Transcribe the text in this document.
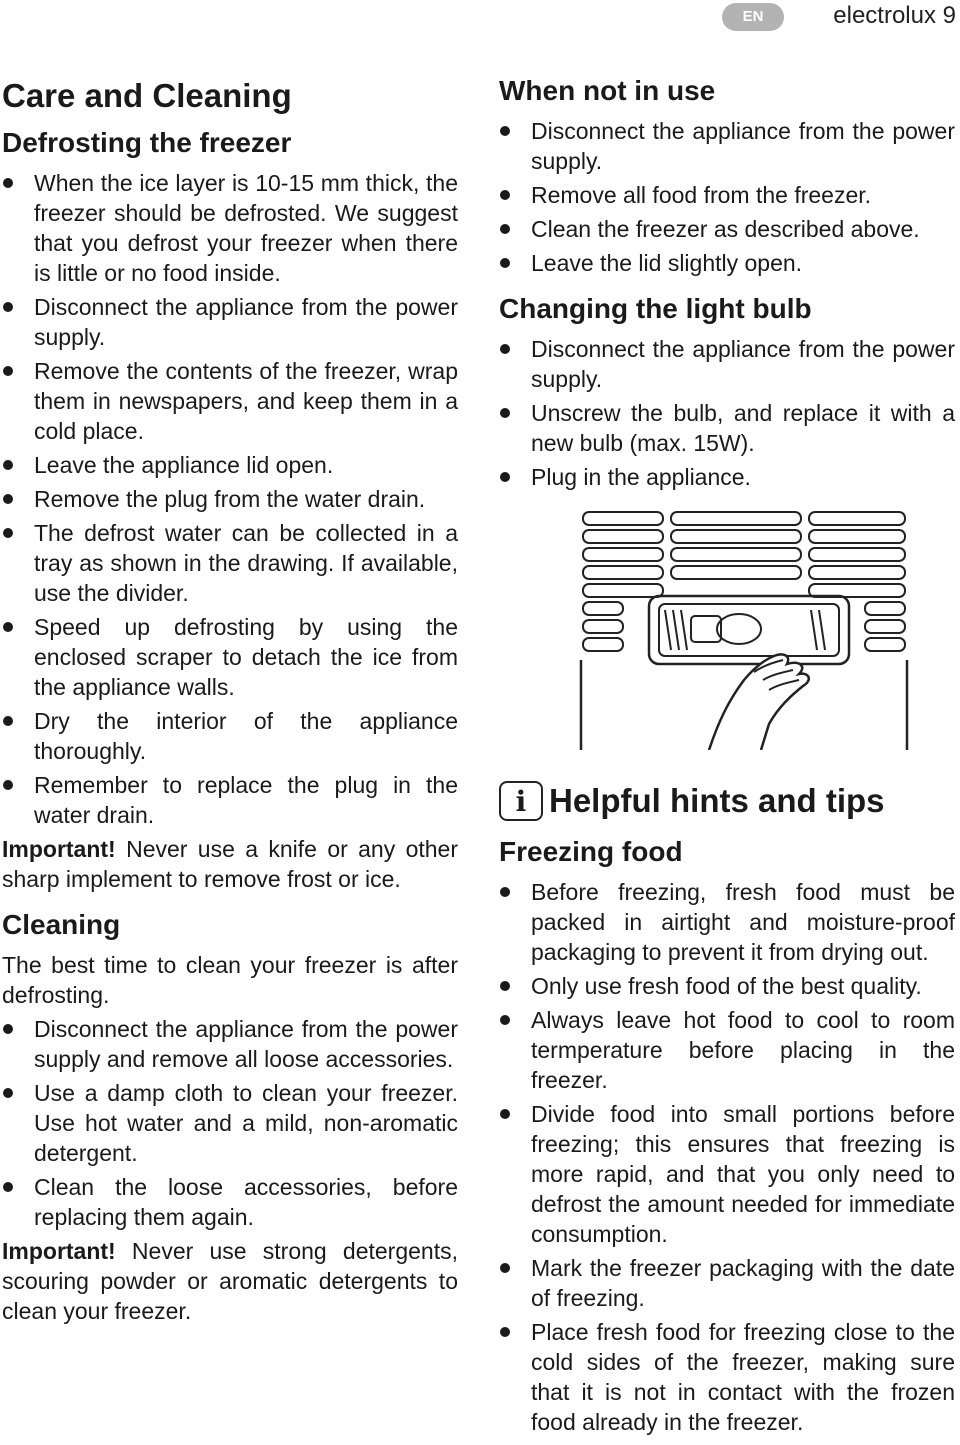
EN	electrolux 9
Care and Cleaning
Defrosting the freezer
When the ice layer is 10-15 mm thick, the freezer should be defrosted. We suggest that you defrost your freezer when there is little or no food inside.
Disconnect the appliance from the power supply.
Remove the contents of the freezer, wrap them in newspapers, and keep them in a cold place.
Leave the appliance lid open.
Remove the plug from the water drain.
The defrost water can be collected in a tray as shown in the drawing. If available, use the divider.
Speed up defrosting by using the enclosed scraper to detach the ice from the appliance walls.
Dry the interior of the appliance thoroughly.
Remember to replace the plug in the water drain.

Important! Never use a knife or any other sharp implement to remove frost or ice.

Cleaning

The best time to clean your freezer is after defrosting.

Disconnect the appliance from the power supply and remove all loose accessories.
Use a damp cloth to clean your freezer. Use hot water and a mild, non-aromatic detergent.
Clean the loose accessories, before replacing them again.

Important! Never use strong detergents, scouring powder or aromatic detergents to clean your freezer.

When not in use
Disconnect the appliance from the power supply.
Remove all food from the freezer.
Clean the freezer as described above.
Leave the lid slightly open.
Changing the light bulb
Disconnect the appliance from the power supply.
Unscrew the bulb, and replace it with a new bulb (max. 15W).
Plug in the appliance.
i Helpful hints and tips
Freezing food
Before freezing, fresh food must be packed in airtight and moisture-proof packaging to prevent it from drying out.
Only use fresh food of the best quality.
Always leave hot food to cool to room termperature before placing in the freezer.
Divide food into small portions before freezing; this ensures that freezing is more rapid, and that you only need to defrost the amount needed for immediate consumption.
Mark the freezer packaging with the date of freezing.
Place fresh food for freezing close to the cold sides of the freezer, making sure that it is not in contact with the frozen food already in the freezer.
